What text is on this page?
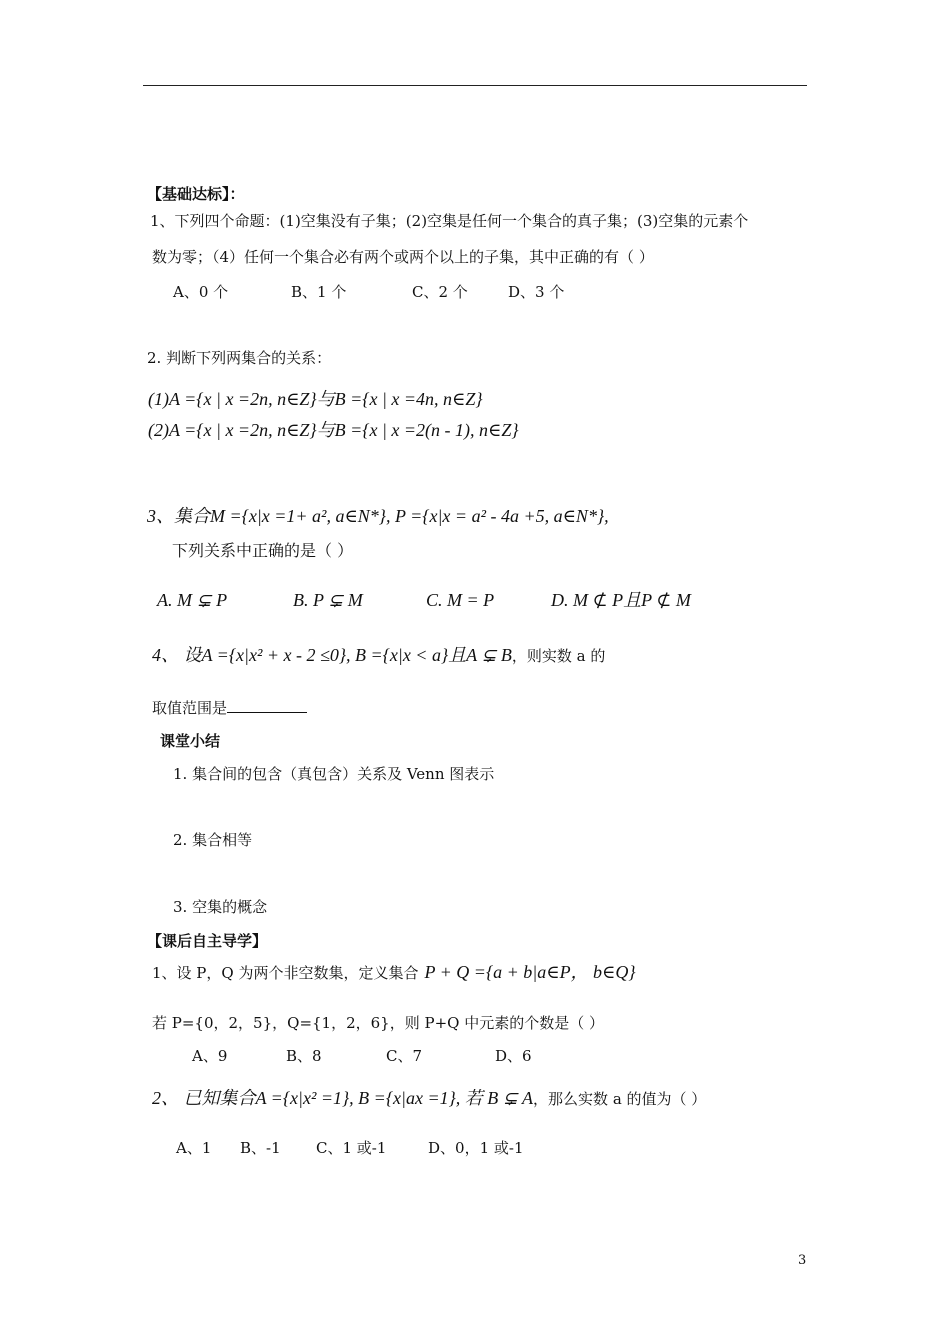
【基础达标】：
1、下列四个命题：(1)空集没有子集；(2)空集是任何一个集合的真子集；(3)空集的元素个
数为零；（4）任何一个集合必有两个或两个以上的子集，其中正确的有（ ）
A、0 个	B、1 个	C、2 个	D、3 个
2. 判断下列两集合的关系：
(1)A ={x | x =2n, n∈Z}与B ={x | x =4n, n∈Z}
(2)A ={x | x =2n, n∈Z}与B ={x | x =2(n - 1), n∈Z}
3、集合M ={x|x =1+ a², a∈N*}, P ={x|x = a² - 4a +5, a∈N*},
下列关系中正确的是（ ）
A. M ⊊ P	B. P ⊊ M	C. M = P	D. M ⊄ P且P ⊄ M
4、 设A ={x|x² + x - 2 ≤0}, B ={x|x < a}且A ⊊ B，则实数 a 的
取值范围是
课堂小结
1. 集合间的包含（真包含）关系及 Venn 图表示
2. 集合相等
3. 空集的概念
【课后自主导学】
1、设 P，Q 为两个非空数集，定义集合 P + Q ={a + b|a∈P， b∈Q}
若 P={0，2，5}，Q={1，2，6}，则 P+Q 中元素的个数是（ ）
A、9	B、8	C、7	D、6
2、 已知集合A ={x|x² =1}, B ={x|ax =1}, 若 B ⊊ A，那么实数 a 的值为（ ）
A、1 B、-1 C、1 或-1	D、0，1 或-1
3
